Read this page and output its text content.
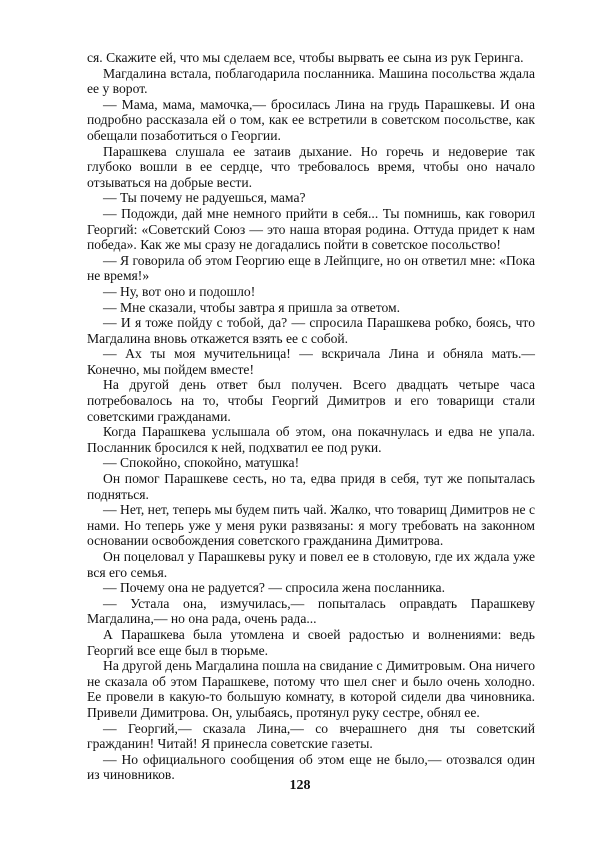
ся. Скажите ей, что мы сделаем все, чтобы вырвать ее сына из рук Геринга.

Магдалина встала, поблагодарила посланника. Машина посольства ждала ее у ворот.

— Мама, мама, мамочка,— бросилась Лина на грудь Парашкевы. И она подробно рассказала ей о том, как ее встретили в советском посольстве, как обещали позаботиться о Георгии.

Парашкева слушала ее затаив дыхание. Но горечь и недоверие так глубоко вошли в ее сердце, что требовалось время, чтобы оно начало отзываться на добрые вести.

— Ты почему не радуешься, мама?

— Подожди, дай мне немного прийти в себя... Ты помнишь, как говорил Георгий: «Советский Союз — это наша вторая родина. Оттуда придет к нам победа». Как же мы сразу не догадались пойти в советское посольство!

— Я говорила об этом Георгию еще в Лейпциге, но он ответил мне: «Пока не время!»

— Ну, вот оно и подошло!

— Мне сказали, чтобы завтра я пришла за ответом.

— И я тоже пойду с тобой, да? — спросила Парашкева робко, боясь, что Магдалина вновь откажется взять ее с собой.

— Ах ты моя мучительница! — вскричала Лина и обняла мать.— Конечно, мы пойдем вместе!

На другой день ответ был получен. Всего двадцать четыре часа потребовалось на то, чтобы Георгий Димитров и его товарищи стали советскими гражданами.

Когда Парашкева услышала об этом, она покачнулась и едва не упала. Посланник бросился к ней, подхватил ее под руки.

— Спокойно, спокойно, матушка!

Он помог Парашкеве сесть, но та, едва придя в себя, тут же попыталась подняться.

— Нет, нет, теперь мы будем пить чай. Жалко, что товарищ Димитров не с нами. Но теперь уже у меня руки развязаны: я могу требовать на законном основании освобождения советского гражданина Димитрова.

Он поцеловал у Парашкевы руку и повел ее в столовую, где их ждала уже вся его семья.

— Почему она не радуется? — спросила жена посланника.

— Устала она, измучилась,— попыталась оправдать Парашкеву Магдалина,— но она рада, очень рада...

А Парашкева была утомлена и своей радостью и волнениями: ведь Георгий все еще был в тюрьме.

На другой день Магдалина пошла на свидание с Димитровым. Она ничего не сказала об этом Парашкеве, потому что шел снег и было очень холодно. Ее провели в какую-то большую комнату, в которой сидели два чиновника. Привели Димитрова. Он, улыбаясь, протянул руку сестре, обнял ее.

— Георгий,— сказала Лина,— со вчерашнего дня ты советский гражданин! Читай! Я принесла советские газеты.

— Но официального сообщения об этом еще не было,— отозвался один из чиновников.

128
